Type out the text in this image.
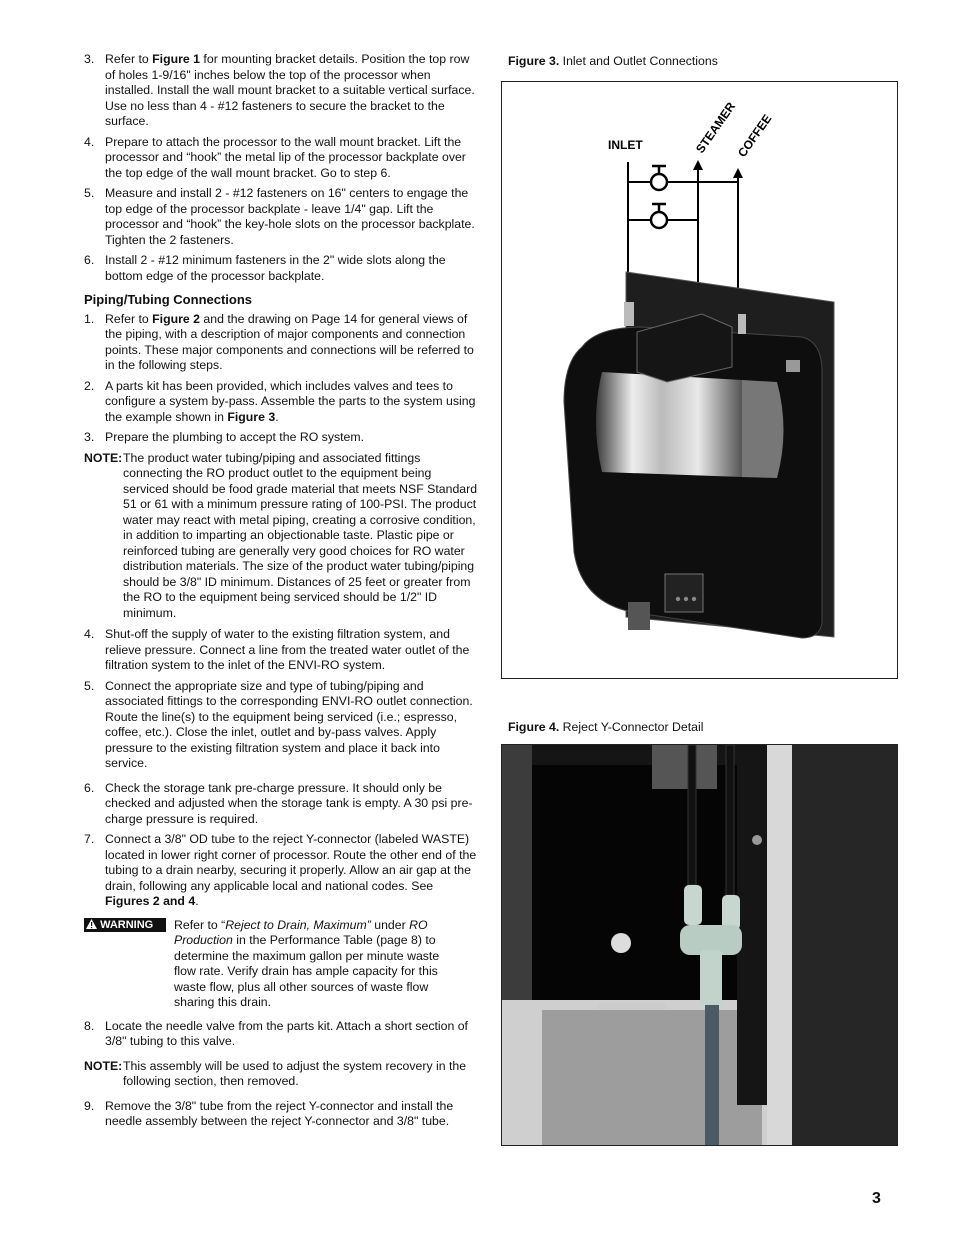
3. Refer to Figure 1 for mounting bracket details. Position the top row of holes 1-9/16" inches below the top of the processor when installed. Install the wall mount bracket to a suitable vertical surface. Use no less than 4 - #12 fasteners to secure the bracket to the surface.
4. Prepare to attach the processor to the wall mount bracket. Lift the processor and “hook” the metal lip of the processor backplate over the top edge of the wall mount bracket. Go to step 6.
5. Measure and install 2 - #12 fasteners on 16" centers to engage the top edge of the processor backplate - leave 1/4" gap. Lift the processor and “hook” the key-hole slots on the processor backplate. Tighten the 2 fasteners.
6. Install 2 - #12 minimum fasteners in the 2" wide slots along the bottom edge of the processor backplate.
Piping/Tubing Connections
1. Refer to Figure 2 and the drawing on Page 14 for general views of the piping, with a description of major components and connection points. These major components and connections will be referred to in the following steps.
2. A parts kit has been provided, which includes valves and tees to configure a system by-pass. Assemble the parts to the system using the example shown in Figure 3.
3. Prepare the plumbing to accept the RO system.
NOTE: The product water tubing/piping and associated fittings connecting the RO product outlet to the equipment being serviced should be food grade material that meets NSF Standard 51 or 61 with a minimum pressure rating of 100-PSI. The product water may react with metal piping, creating a corrosive condition, in addition to imparting an objectionable taste. Plastic pipe or reinforced tubing are generally very good choices for RO water distribution materials. The size of the product water tubing/piping should be 3/8" ID minimum. Distances of 25 feet or greater from the RO to the equipment being serviced should be 1/2" ID minimum.
4. Shut-off the supply of water to the existing filtration system, and relieve pressure. Connect a line from the treated water outlet of the filtration system to the inlet of the ENVI-RO system.
5. Connect the appropriate size and type of tubing/piping and associated fittings to the corresponding ENVI-RO outlet connection. Route the line(s) to the equipment being serviced (i.e.; espresso, coffee, etc.). Close the inlet, outlet and by-pass valves. Apply pressure to the existing filtration system and place it back into service.
6. Check the storage tank pre-charge pressure. It should only be checked and adjusted when the storage tank is empty. A 30 psi pre-charge pressure is required.
7. Connect a 3/8" OD tube to the reject Y-connector (labeled WASTE) located in lower right corner of processor. Route the other end of the tubing to a drain nearby, securing it properly. Allow an air gap at the drain, following any applicable local and national codes. See Figures 2 and 4.
WARNING	Refer to “Reject to Drain, Maximum” under RO Production in the Performance Table (page 8) to determine the maximum gallon per minute waste flow rate. Verify drain has ample capacity for this waste flow, plus all other sources of waste flow sharing this drain.
8. Locate the needle valve from the parts kit. Attach a short section of 3/8" tubing to this valve.
NOTE: This assembly will be used to adjust the system recovery in the following section, then removed.
9. Remove the 3/8" tube from the reject Y-connector and install the needle assembly between the reject Y-connector and 3/8" tube.
Figure 3. Inlet and Outlet Connections
INLET	STEAMER
COFFEE
Figure 4. Reject Y-Connector Detail
3
